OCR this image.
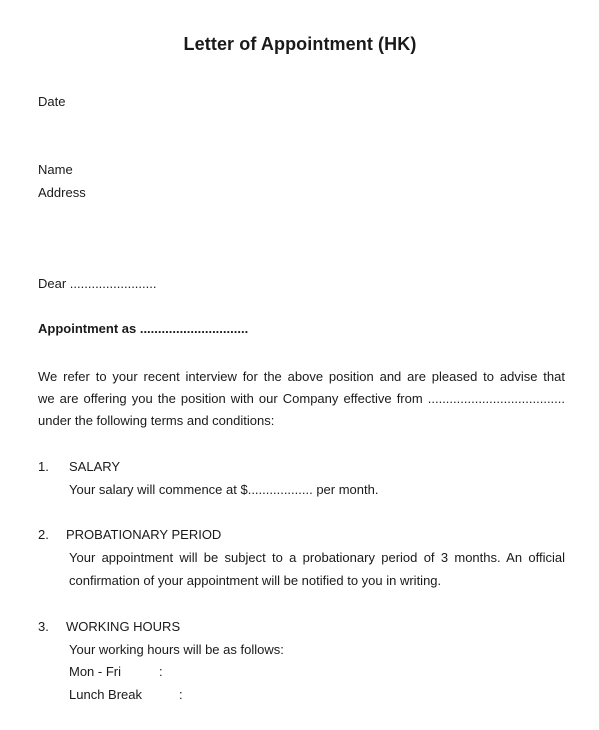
Letter of Appointment (HK)
Date
Name
Address
Dear ........................
Appointment as ..............................
We refer to your recent interview for the above position and are pleased to advise that
we are offering you the position with our Company effective from ......................................
under the following terms and conditions:
1. SALARY
Your salary will commence at $.................. per month.
2. PROBATIONARY PERIOD
Your appointment will be subject to a probationary period of 3 months. An official
confirmation of your appointment will be notified to you in writing.
3. WORKING HOURS
Your working hours will be as follows:
Mon - Fri	:
Lunch Break	:
